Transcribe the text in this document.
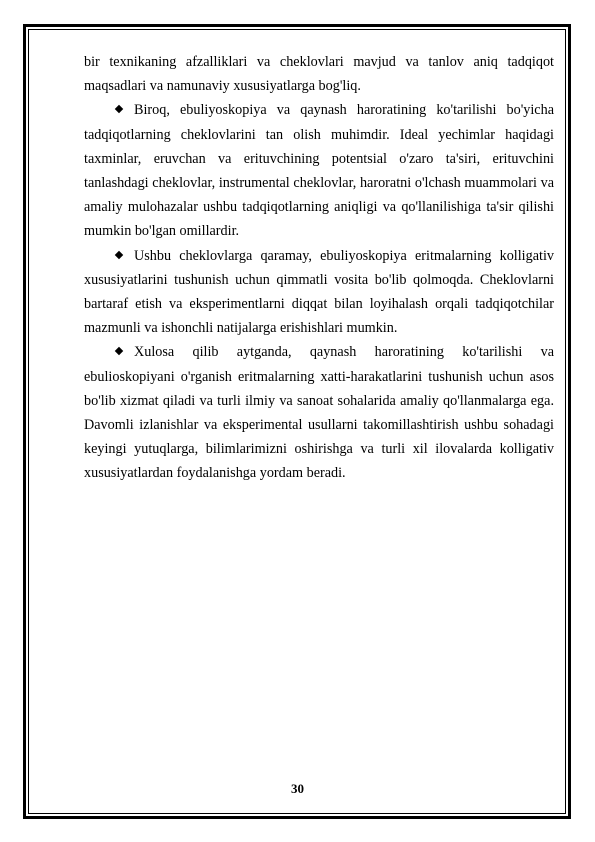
bir texnikaning afzalliklari va cheklovlari mavjud va tanlov aniq tadqiqot maqsadlari va namunaviy xususiyatlarga bog'liq.

Biroq, ebuliyoskopiya va qaynash haroratining ko'tarilishi bo'yicha tadqiqotlarning cheklovlarini tan olish muhimdir. Ideal yechimlar haqidagi taxminlar, eruvchan va erituvchining potentsial o'zaro ta'siri, erituvchini tanlashdagi cheklovlar, instrumental cheklovlar, haroratni o'lchash muammolari va amaliy mulohazalar ushbu tadqiqotlarning aniqligi va qo'llanilishiga ta'sir qilishi mumkin bo'lgan omillardir.

Ushbu cheklovlarga qaramay, ebuliyoskopiya eritmalarning kolligativ xususiyatlarini tushunish uchun qimmatli vosita bo'lib qolmoqda. Cheklovlarni bartaraf etish va eksperimentlarni diqqat bilan loyihalash orqali tadqiqotchilar mazmunli va ishonchli natijalarga erishishlari mumkin.

Xulosa qilib aytganda, qaynash haroratining ko'tarilishi va ebulioskopiyani o'rganish eritmalarning xatti-harakatlarini tushunish uchun asos bo'lib xizmat qiladi va turli ilmiy va sanoat sohalarida amaliy qo'llanmalarga ega. Davomli izlanishlar va eksperimental usullarni takomillashtirish ushbu sohadagi keyingi yutuqlarga, bilimlarimizni oshirishga va turli xil ilovalarda kolligativ xususiyatlardan foydalanishga yordam beradi.

30
